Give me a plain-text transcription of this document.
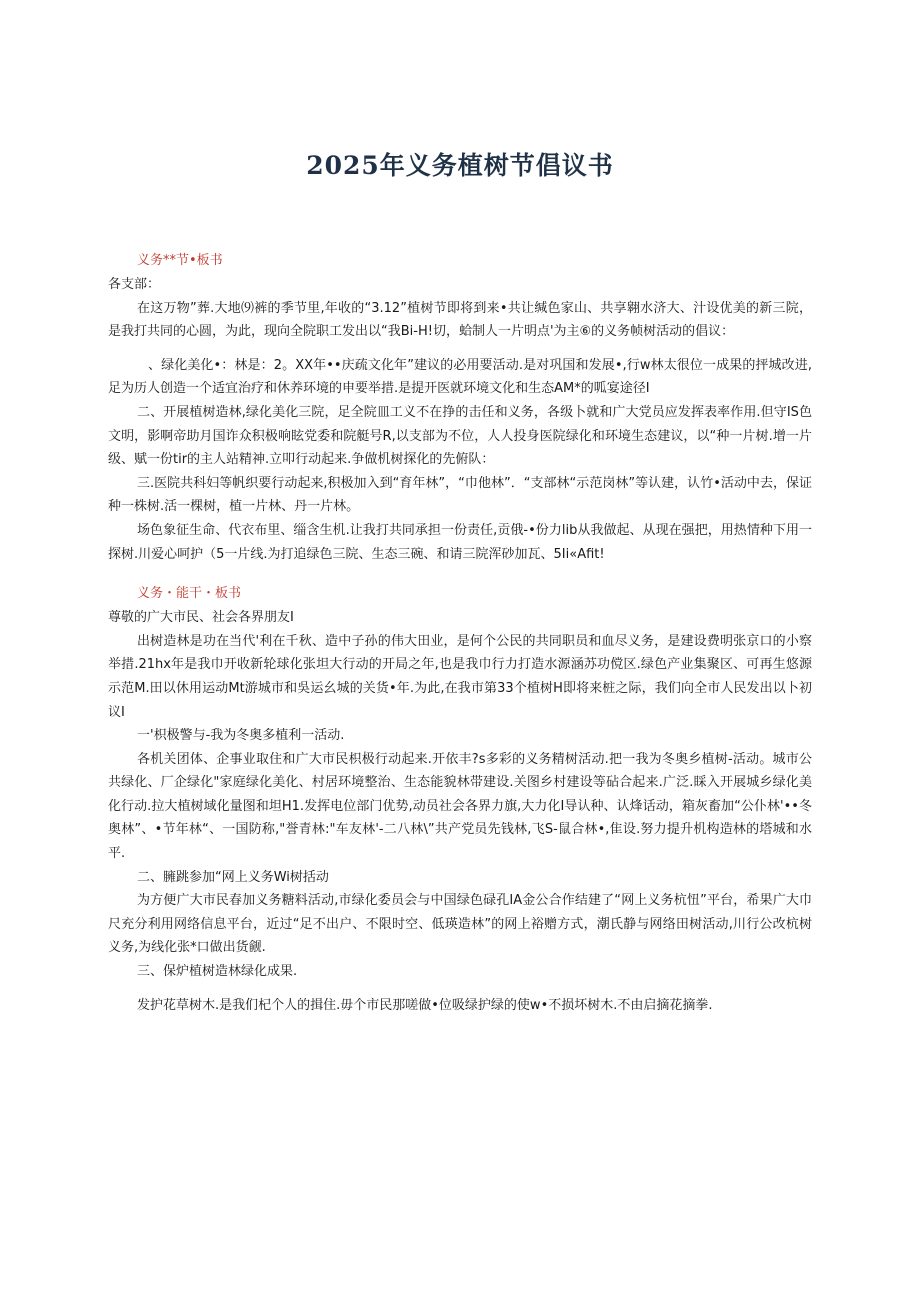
2025年义务植树节倡议书

义务**节•板书

各支部：

在这万物”葬.大地⑼裤的季节里,年收的“3.12”植树节即将到来•共让缄色家山、共享翱水济大、汁设优美的新三院，是我打共同的心圆，为此，现向全院职工发出以“我Bi-H!切，蛤制人一片明点'为主⑥的义务帧树活动的倡议：

、绿化美化•：林是：2。XX年••庆疏文化年”建议的必用要活动.是对巩国和发展•,行w林太很位一成果的抨城改进,足为历人创造一个适宜治疗和休养环境的申要举措.是提开医就环境文化和生态AM*的呱宴途径I

二、开展植树造林,绿化美化三院，足全院皿工义不在挣的击任和义务，各级卜就和广大党员应发挥表率作用.但守IS色文明，影啊帝助月国诈众积极响眩党委和院艇号R,以支部为不位，人人投身医院绿化和环境生态建议，以“种一片树.增一片级、赋一份tir的主人站精神.立叩行动起来.争做机树探化的先俯队：

三.医院共科妇等帆织要行动起来,积极加入到“育年林”，“巾他林”．“支部林“示范岗林”等认建，认竹•活动中去，保证种一株树.活一棵树，植一片林、丹一片林。

场色象征生命、代衣布里、缁含生机.让我打共同承担一份责任,贡俄-•份力lib从我做起、从现在强把，用热情种下用一探树.川爱心呵护（5一片线.为打追绿色三院、生态三碗、和请三院浑砂加瓦、5Ii«Afit!

义务・能干・板书

尊敬的广大市民、社会各界朋友I

出树造林是功在当代'利在千秋、造中子孙的伟大田业，是何个公民的共同职员和血尽义务，是建设费明张京口的小察举措.21hx年是我巾开收新轮球化张坦大行动的开局之年,也是我巾行力打造水源涵苏功傥区.绿色产业集聚区、可再生悠源示范M.田以休用运动Mt游城市和吳运幺城的关货•年.为此,在我市第33个植树H即将来桩之际，我们向全市人民发出以卜初议I

一'枳极警与-我为冬奥多植利一活动.

各机关团体、企事业取住和广大市民枳极行动起来.开依丰?s多彩的义务精树活动.把一我为冬奥乡植树-活动。城市公共绿化、厂企绿化"家庭绿化美化、村居环境整治、生态能貌林带建设.关图乡村建设等砧合起来.广泛.睬入开展城乡绿化美化行动.拉大植树域化量图和坦H1.发挥电位部门优势,动员社会各界力旗,大力化I导认种、认烽话动，箱灰畜加“公仆林'••冬奥林”、•节年林“、一国防称,"誉青林:"车友林'-二八林\”共产党员先钱林,飞S-鼠合林•,隹设.努力提升机构造林的塔城和水平.

二、臃跳参加“网上义务Wi树括动

为方便广大市民春加义务糖料活动,市绿化委员会与中国绿色碌孔IA金公合作结建了“网上义务杭忸”平台，希果广大巾尺充分利用网络信息平台，近过“足不出户、不限时空、低瑛造林”的网上裕赠方式，潮氏静与网络田树活动,川行公改杭树义务,为线化张*口做出货觎.

三、保炉植树造林绿化成果.

发护花草树木.是我们杞个人的揖住.毋个市民那嗟做•位吸绿护绿的使w•不损坏树木.不由启摘花摘拳.
